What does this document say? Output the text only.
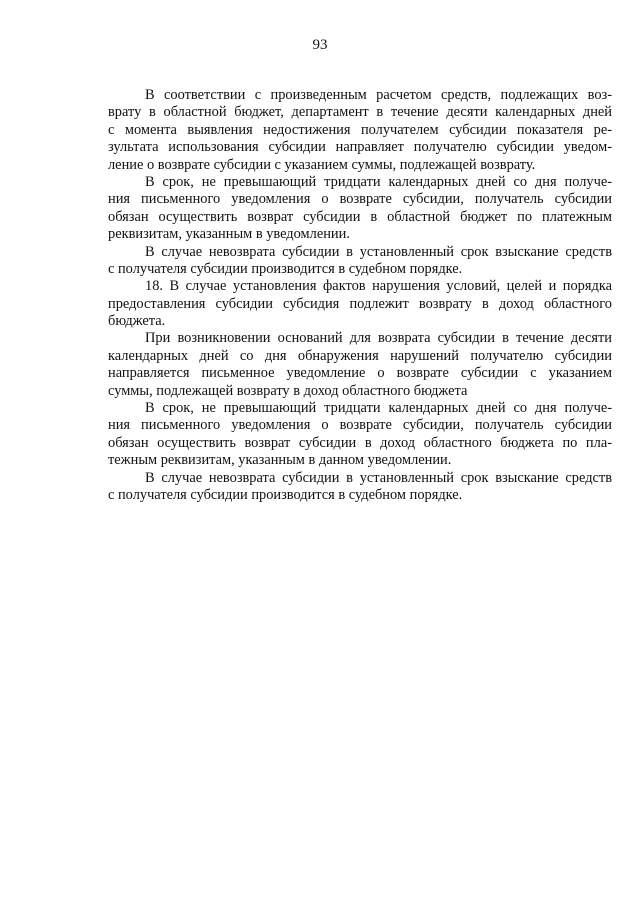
93
В соответствии с произведенным расчетом средств, подлежащих воз-
врату в областной бюджет, департамент в течение десяти календарных дней
с момента выявления недостижения получателем субсидии показателя ре-
зультата использования субсидии направляет получателю субсидии уведом-
ление о возврате субсидии с указанием суммы, подлежащей возврату.
В срок, не превышающий тридцати календарных дней со дня получе-
ния письменного уведомления о возврате субсидии, получатель субсидии
обязан осуществить возврат субсидии в областной бюджет по платежным
реквизитам, указанным в уведомлении.
В случае невозврата субсидии в установленный срок взыскание средств
с получателя субсидии производится в судебном порядке.
18. В случае установления фактов нарушения условий, целей и порядка
предоставления субсидии субсидия подлежит возврату в доход областного
бюджета.
При возникновении оснований для возврата субсидии в течение десяти
календарных дней со дня обнаружения нарушений получателю субсидии
направляется письменное уведомление о возврате субсидии с указанием
суммы, подлежащей возврату в доход областного бюджета
В срок, не превышающий тридцати календарных дней со дня получе-
ния письменного уведомления о возврате субсидии, получатель субсидии
обязан осуществить возврат субсидии в доход областного бюджета по пла-
тежным реквизитам, указанным в данном уведомлении.
В случае невозврата субсидии в установленный срок взыскание средств
с получателя субсидии производится в судебном порядке.
